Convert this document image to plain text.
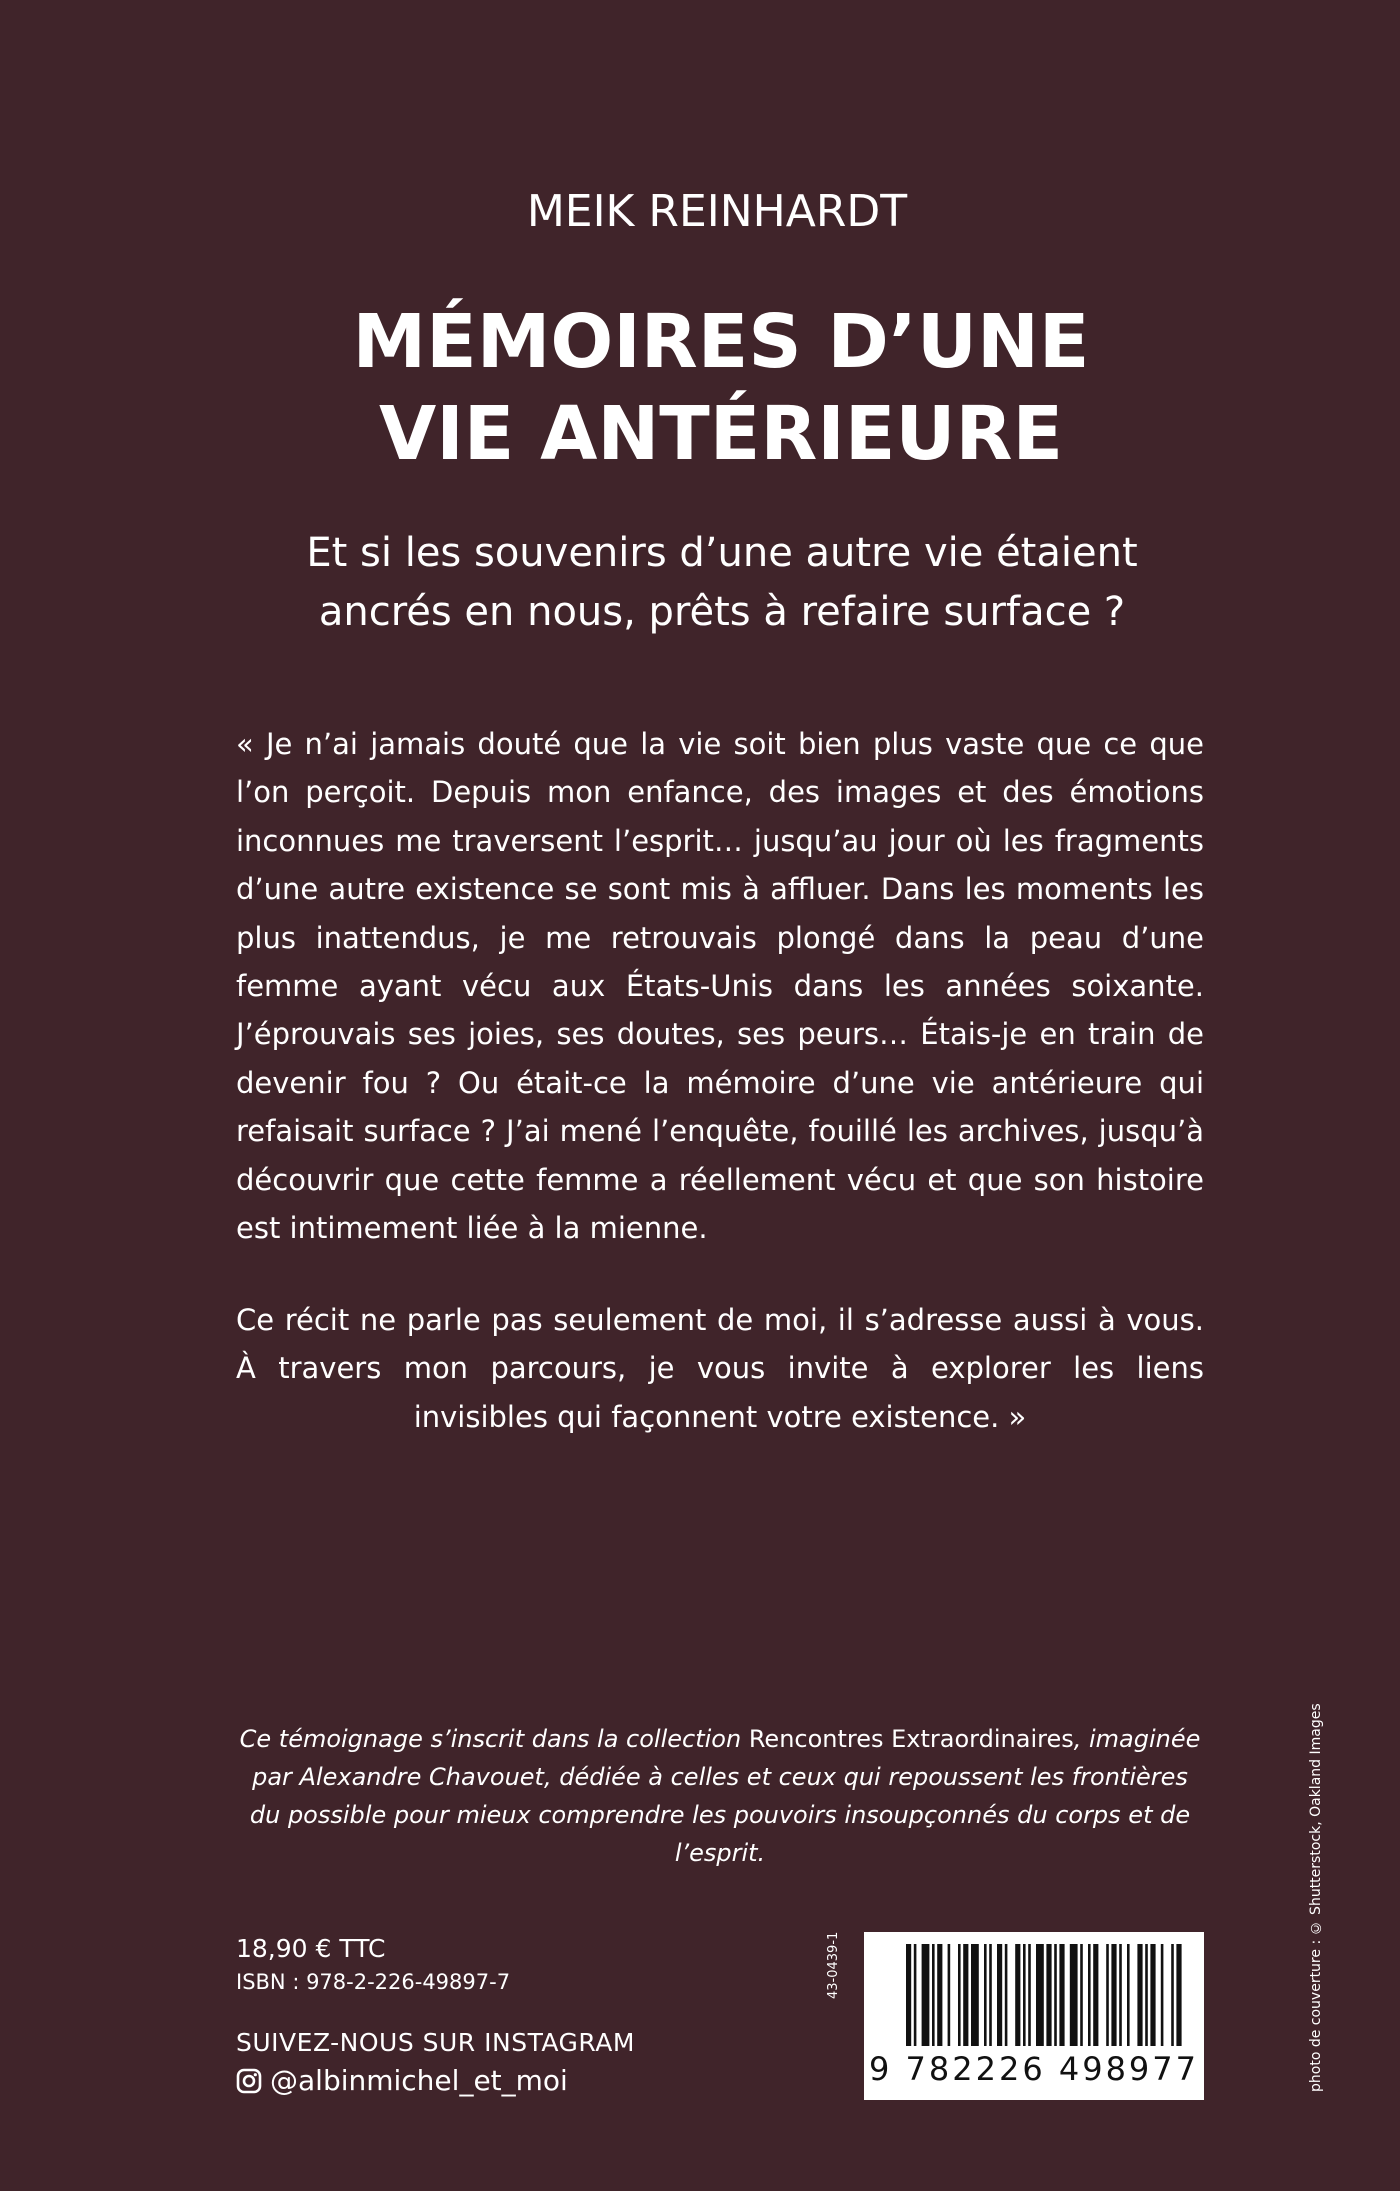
MEIK REINHARDT
MÉMOIRES D’UNE
VIE ANTÉRIEURE
Et si les souvenirs d’une autre vie étaient
ancrés en nous, prêts à refaire surface ?
« Je n’ai jamais douté que la vie soit bien plus vaste que ce que l’on perçoit. Depuis mon enfance, des images et des émotions inconnues me traversent l’esprit… jusqu’au jour où les fragments d’une autre existence se sont mis à affluer. Dans les moments les plus inattendus, je me retrouvais plongé dans la peau d’une femme ayant vécu aux États-Unis dans les années soixante. J’éprouvais ses joies, ses doutes, ses peurs… Étais-je en train de devenir fou ? Ou était-ce la mémoire d’une vie antérieure qui refaisait surface ? J’ai mené l’enquête, fouillé les archives, jusqu’à découvrir que cette femme a réellement vécu et que son histoire est intimement liée à la mienne.
Ce récit ne parle pas seulement de moi, il s’adresse aussi à vous. À travers mon parcours, je vous invite à explorer les liens invisibles qui façonnent votre existence. »
Ce témoignage s’inscrit dans la collection Rencontres Extraordinaires, imaginée par Alexandre Chavouet, dédiée à celles et ceux qui repoussent les frontières du possible pour mieux comprendre les pouvoirs insoupçonnés du corps et de l’esprit.
18,90 € TTC
ISBN : 978-2-226-49897-7
SUIVEZ-NOUS SUR INSTAGRAM
@albinmichel_et_moi
43-0439-1
9 782226 498977	photo de couverture : © Shutterstock, Oakland Images
